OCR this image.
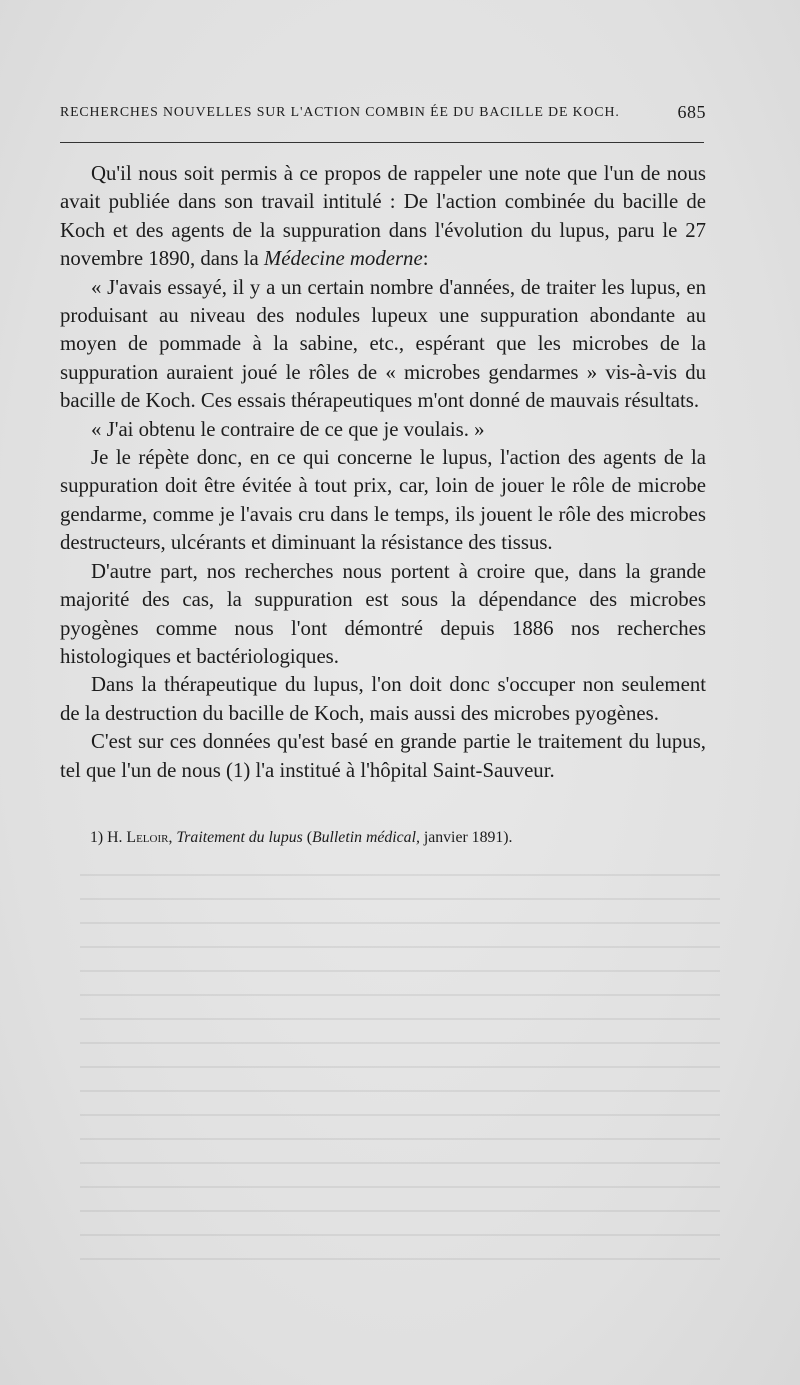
RECHERCHES NOUVELLES SUR L'ACTION COMBIN ÉE DU BACILLE DE KOCH.	685

Qu'il nous soit permis à ce propos de rappeler une note que l'un de nous avait publiée dans son travail intitulé : De l'action combinée du bacille de Koch et des agents de la suppuration dans l'évolution du lupus, paru le 27 novembre 1890, dans la Médecine moderne:

« J'avais essayé, il y a un certain nombre d'années, de traiter les lupus, en produisant au niveau des nodules lupeux une suppuration abondante au moyen de pommade à la sabine, etc., espérant que les microbes de la suppuration auraient joué le rôles de « microbes gendarmes » vis-à-vis du bacille de Koch. Ces essais thérapeutiques m'ont donné de mauvais résultats.

« J'ai obtenu le contraire de ce que je voulais. »

Je le répète donc, en ce qui concerne le lupus, l'action des agents de la suppuration doit être évitée à tout prix, car, loin de jouer le rôle de microbe gendarme, comme je l'avais cru dans le temps, ils jouent le rôle des microbes destructeurs, ulcérants et diminuant la résistance des tissus.

D'autre part, nos recherches nous portent à croire que, dans la grande majorité des cas, la suppuration est sous la dépendance des microbes pyogènes comme nous l'ont démontré depuis 1886 nos recherches histologiques et bactériologiques.

Dans la thérapeutique du lupus, l'on doit donc s'occuper non seulement de la destruction du bacille de Koch, mais aussi des microbes pyogènes.

C'est sur ces données qu'est basé en grande partie le traitement du lupus, tel que l'un de nous (1) l'a institué à l'hôpital Saint-Sauveur.

1) H. Leloir, Traitement du lupus (Bulletin médical, janvier 1891).
